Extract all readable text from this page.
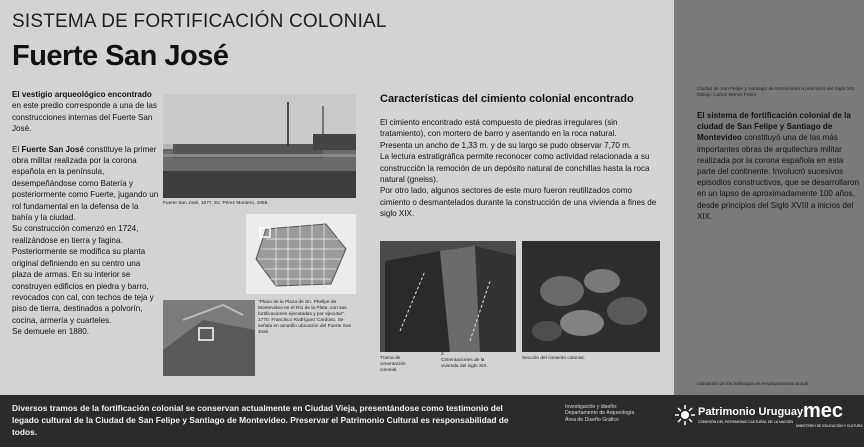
SISTEMA DE FORTIFICACIÓN COLONIAL
Fuerte San José

El vestigio arqueológico encontrado en este predio corresponde a una de las construcciones internas del Fuerte San José.

El Fuerte San José constituye la primer obra militar realizada por la corona española en la península, desempeñándose como Batería y posteriormente como Fuerte, jugando un rol fundamental en la defensa de la bahía y la ciudad.
Su construcción comenzó en 1724, realizándose en tierra y fagina.
Posteriormente se modifica su planta original definiendo en su centro una plaza de armas. En su interior se construyen edificios en piedra y barro, revocados con cal, con techos de teja y piso de tierra, destinados a polvorín, cocina, armería y cuarteles.
Se demuele en 1880.

Fuerte San José, 1877. Ex: Pérez Montero, 1955.
"Plano de la Plaza de Sn. Phelipe de Montevideo en el Río de la Plata, con sus fortificaciones ejecutadas y por ejecutar". 1770. Francisco Rodríguez Cardoso. Se señala en amarillo ubicación del Fuerte San José.
Características del cimiento colonial encontrado

El cimiento encontrado está compuesto de piedras irregulares (sin tratamiento), con mortero de barro y asentando en la roca natural.
Presenta un ancho de 1,33 m. y de su largo se pudo observar 7,70 m.
La lectura estratigráfica permite reconocer como actividad relacionada a su construcción la remoción de un depósito natural de conchillas hasta la roca natural (gneiss).
Por otro lado, algunos sectores de este muro fueron reutilizados como cimiento o desmantelados durante la construcción de una vivienda a fines de siglo XIX.

Trama de cimentación colonial.
2
Cimentaciones de la vivienda del siglo XIX.
Sección del cimiento colonial.
Ciudad de San Felipe y Santiago de Montevideo a principios del Siglo XIX. Dibujo: Carlos Menck Freire.
El sistema de fortificación colonial de la ciudad de San Felipe y Santiago de Montevideo constituyó una de las más importantes obras de arquitectura militar realizada por la corona española en esta parte del continente. Involucró sucesivos episodios constructivos, que se desarrollaron en un lapso de aproximadamente 100 años, desde principios del Siglo XVIII a inicios del XIX.
Ubicación de los hallazgos en emplazamiento actual.
Diversos tramos de la fortificación colonial se conservan actualmente en Ciudad Vieja, presentándose como testimonio del legado cultural de la Ciudad de San Felipe y Santiago de Montevideo. Preservar el Patrimonio Cultural es responsabilidad de todos.
Investigación y diseño:
Departamento de Arqueología
Área de Diseño Gráfico
Patrimonio Uruguay
COMISIÓN DEL PATRIMONIO CULTURAL DE LA NACIÓN mec
MINISTERIO DE EDUCACIÓN Y CULTURA
